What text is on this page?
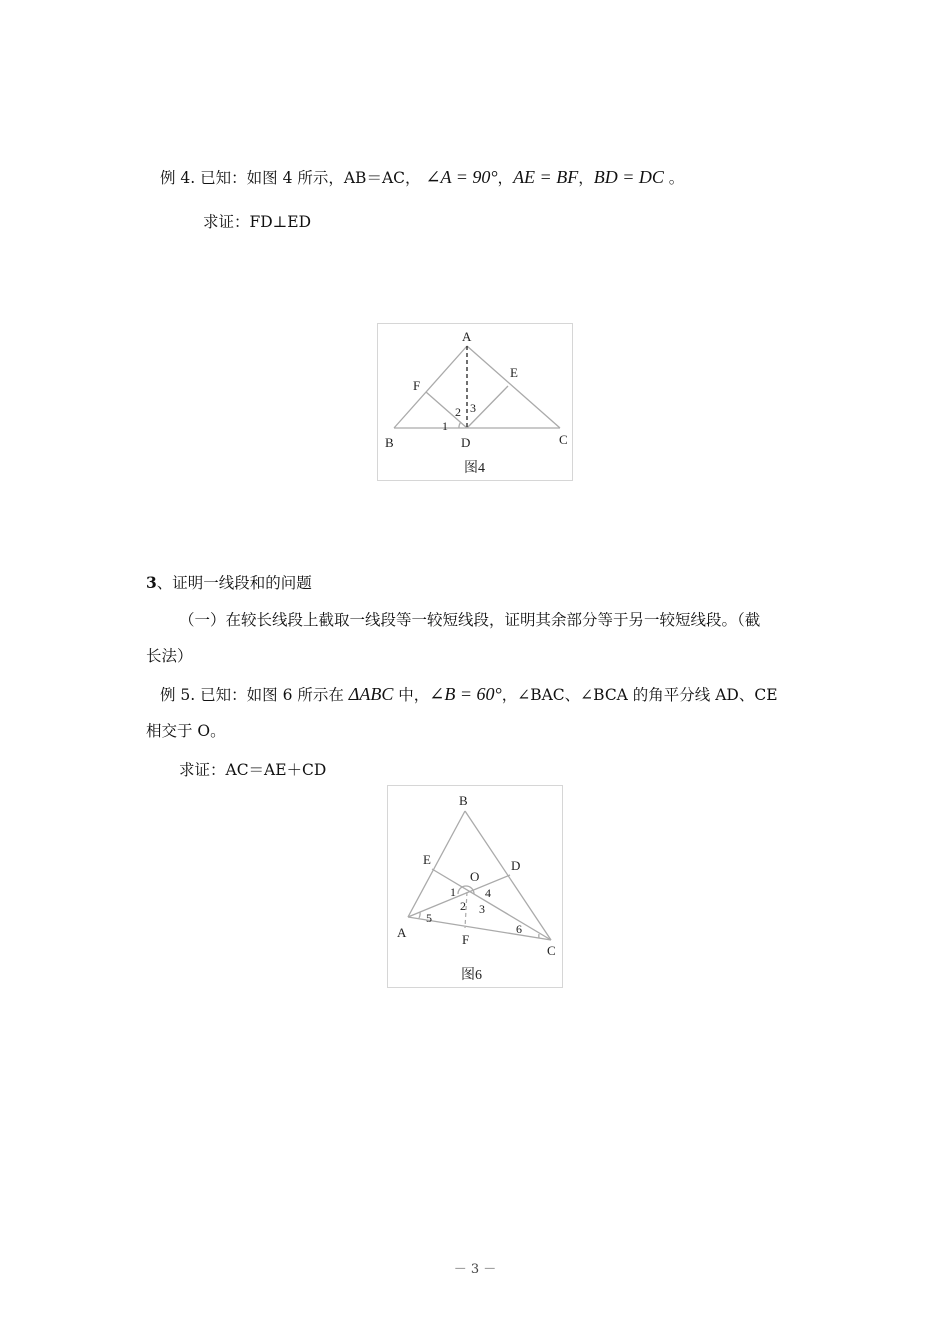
例 4. 已知：如图 4 所示，AB＝AC， ∠A = 90°，AE = BF，BD = DC 。
求证：FD⊥ED
A
B	C
D
E
F
1
2 3
图4
3、证明一线段和的问题
（一）在较长线段上截取一线段等一较短线段，证明其余部分等于另一较短线段。（截
长法）
例 5. 已知：如图 6 所示在 ΔABC 中，∠B = 60°，∠BAC、∠BCA 的角平分线 AD、CE
相交于 O。
求证：AC＝AE＋CD
B
E	D
O
1 4
2 3
5
6
A	F
C
图6
－ 3 －
